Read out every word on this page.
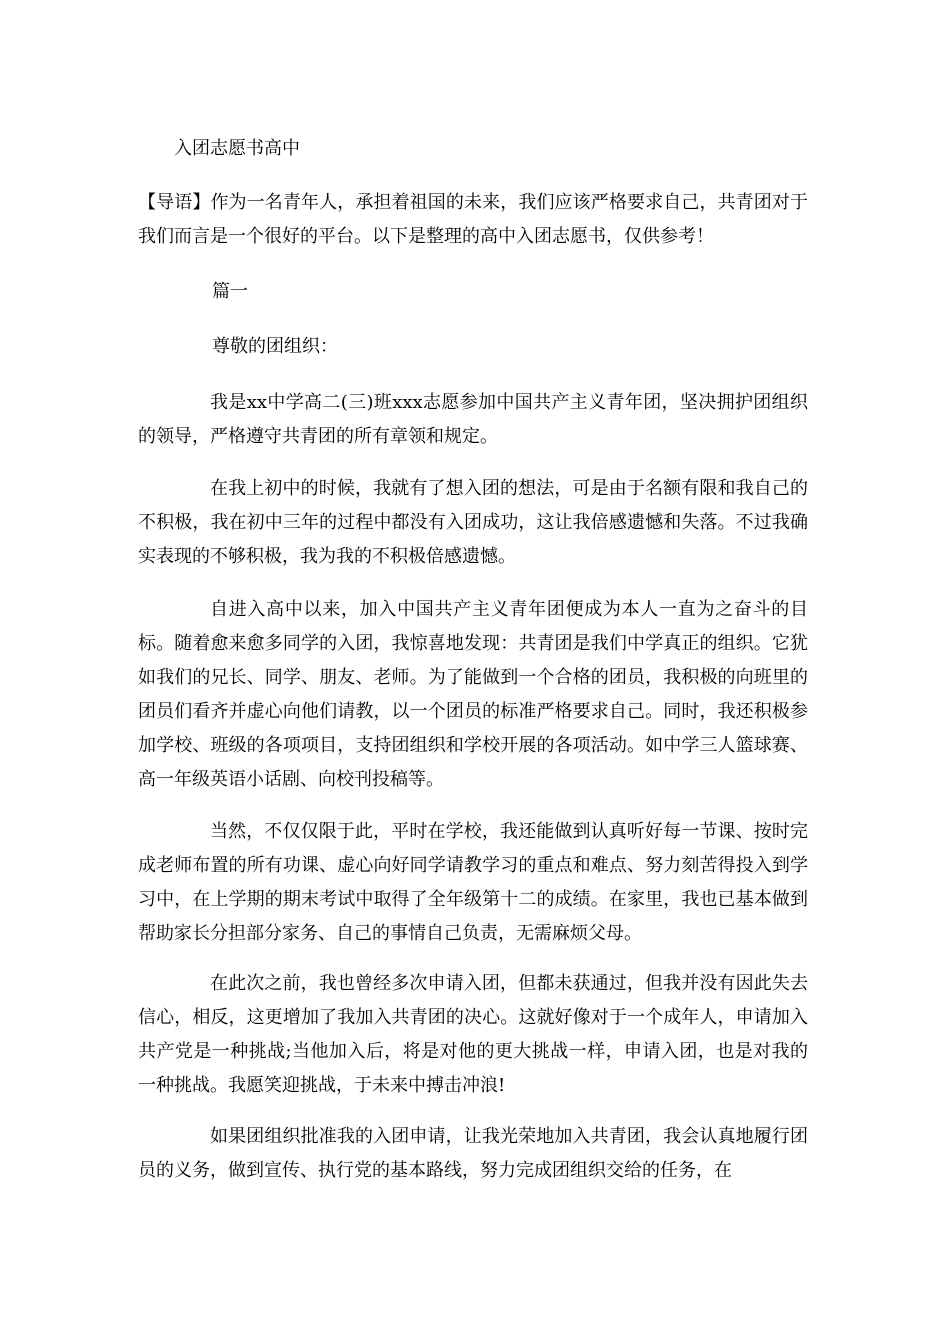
入团志愿书高中

【导语】作为一名青年人，承担着祖国的未来，我们应该严格要求自己，共青团对于我们而言是一个很好的平台。以下是整理的高中入团志愿书，仅供参考！

篇一

尊敬的团组织：

我是xx中学高二(三)班xxx志愿参加中国共产主义青年团，坚决拥护团组织的领导，严格遵守共青团的所有章领和规定。

在我上初中的时候，我就有了想入团的想法，可是由于名额有限和我自己的不积极，我在初中三年的过程中都没有入团成功，这让我倍感遗憾和失落。不过我确实表现的不够积极，我为我的不积极倍感遗憾。

自进入高中以来，加入中国共产主义青年团便成为本人一直为之奋斗的目标。随着愈来愈多同学的入团，我惊喜地发现：共青团是我们中学真正的组织。它犹如我们的兄长、同学、朋友、老师。为了能做到一个合格的团员，我积极的向班里的团员们看齐并虚心向他们请教，以一个团员的标准严格要求自己。同时，我还积极参加学校、班级的各项项目，支持团组织和学校开展的各项活动。如中学三人篮球赛、高一年级英语小话剧、向校刊投稿等。

当然，不仅仅限于此，平时在学校，我还能做到认真听好每一节课、按时完成老师布置的所有功课、虚心向好同学请教学习的重点和难点、努力刻苦得投入到学习中，在上学期的期末考试中取得了全年级第十二的成绩。在家里，我也已基本做到帮助家长分担部分家务、自己的事情自己负责，无需麻烦父母。

在此次之前，我也曾经多次申请入团，但都未获通过，但我并没有因此失去信心，相反，这更增加了我加入共青团的决心。这就好像对于一个成年人，申请加入共产党是一种挑战;当他加入后，将是对他的更大挑战一样，申请入团，也是对我的一种挑战。我愿笑迎挑战，于未来中搏击冲浪!

如果团组织批准我的入团申请，让我光荣地加入共青团，我会认真地履行团员的义务，做到宣传、执行党的基本路线，努力完成团组织交给的任务，在
